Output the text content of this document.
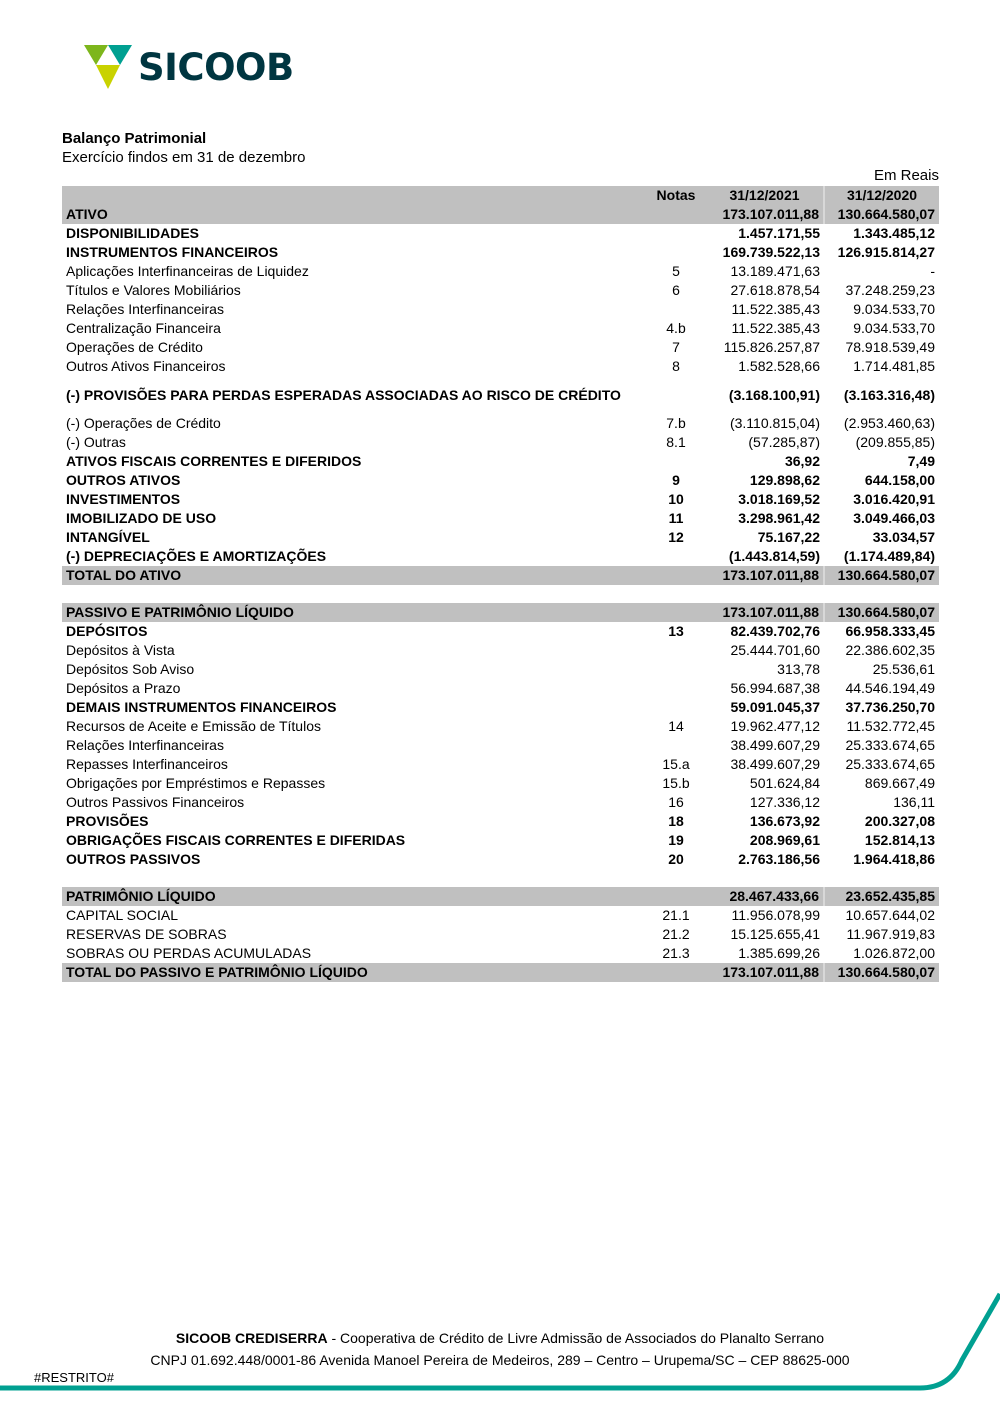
SICOOB
Balanço Patrimonial
Exercício findos em 31 de dezembro
Em Reais
	Notas	31/12/2021	31/12/2020
ATIVO		173.107.011,88	130.664.580,07
DISPONIBILIDADES		1.457.171,55	1.343.485,12
INSTRUMENTOS FINANCEIROS		169.739.522,13	126.915.814,27
Aplicações Interfinanceiras de Liquidez	5	13.189.471,63	-
Títulos e Valores Mobiliários	6	27.618.878,54	37.248.259,23
Relações Interfinanceiras		11.522.385,43	9.034.533,70
Centralização Financeira	4.b	11.522.385,43	9.034.533,70
Operações de Crédito	7	115.826.257,87	78.918.539,49
Outros Ativos Financeiros	8	1.582.528,66	1.714.481,85
(-) PROVISÕES PARA PERDAS ESPERADAS ASSOCIADAS AO RISCO DE CRÉDITO		(3.168.100,91)	(3.163.316,48)
(-) Operações de Crédito	7.b	(3.110.815,04)	(2.953.460,63)
(-) Outras	8.1	(57.285,87)	(209.855,85)
ATIVOS FISCAIS CORRENTES E DIFERIDOS		36,92	7,49
OUTROS ATIVOS	9	129.898,62	644.158,00
INVESTIMENTOS	10	3.018.169,52	3.016.420,91
IMOBILIZADO DE USO	11	3.298.961,42	3.049.466,03
INTANGÍVEL	12	75.167,22	33.034,57
(-) DEPRECIAÇÕES E AMORTIZAÇÕES		(1.443.814,59)	(1.174.489,84)
TOTAL DO ATIVO		173.107.011,88	130.664.580,07

PASSIVO E PATRIMÔNIO LÍQUIDO		173.107.011,88	130.664.580,07
DEPÓSITOS	13	82.439.702,76	66.958.333,45
Depósitos à Vista		25.444.701,60	22.386.602,35
Depósitos Sob Aviso		313,78	25.536,61
Depósitos a Prazo		56.994.687,38	44.546.194,49
DEMAIS INSTRUMENTOS FINANCEIROS		59.091.045,37	37.736.250,70
Recursos de Aceite e Emissão de Títulos	14	19.962.477,12	11.532.772,45
Relações Interfinanceiras		38.499.607,29	25.333.674,65
Repasses Interfinanceiros	15.a	38.499.607,29	25.333.674,65
Obrigações por Empréstimos e Repasses	15.b	501.624,84	869.667,49
Outros Passivos Financeiros	16	127.336,12	136,11
PROVISÕES	18	136.673,92	200.327,08
OBRIGAÇÕES FISCAIS CORRENTES E DIFERIDAS	19	208.969,61	152.814,13
OUTROS PASSIVOS	20	2.763.186,56	1.964.418,86

PATRIMÔNIO LÍQUIDO		28.467.433,66	23.652.435,85
CAPITAL SOCIAL	21.1	11.956.078,99	10.657.644,02
RESERVAS DE SOBRAS	21.2	15.125.655,41	11.967.919,83
SOBRAS OU PERDAS ACUMULADAS	21.3	1.385.699,26	1.026.872,00
TOTAL DO PASSIVO E PATRIMÔNIO LÍQUIDO		173.107.011,88	130.664.580,07
SICOOB CREDISERRA - Cooperativa de Crédito de Livre Admissão de Associados do Planalto Serrano
CNPJ 01.692.448/0001-86 Avenida Manoel Pereira de Medeiros, 289 – Centro – Urupema/SC – CEP 88625-000
#RESTRITO#
